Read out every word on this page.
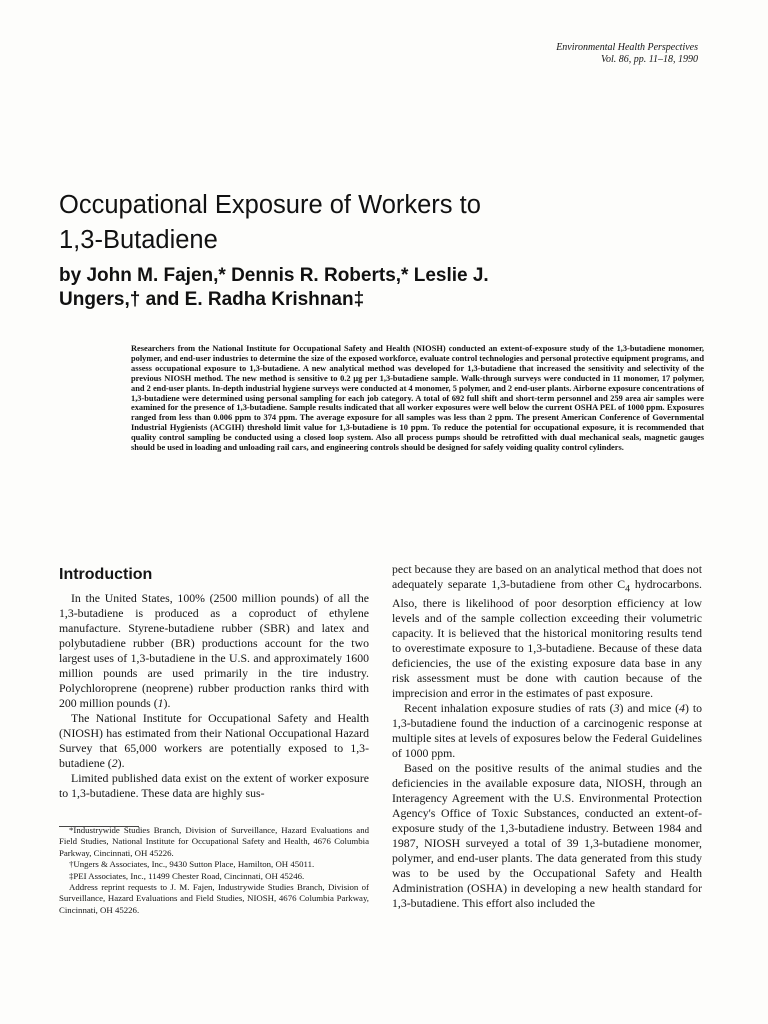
Environmental Health Perspectives
Vol. 86, pp. 11–18, 1990
Occupational Exposure of Workers to
1,3-Butadiene
by John M. Fajen,* Dennis R. Roberts,* Leslie J.
Ungers,† and E. Radha Krishnan‡

Researchers from the National Institute for Occupational Safety and Health (NIOSH) conducted an extent-of-exposure study of the 1,3-butadiene monomer, polymer, and end-user industries to determine the size of the exposed workforce, evaluate control technologies and personal protective equipment programs, and assess occupational exposure to 1,3-butadiene. A new analytical method was developed for 1,3-butadiene that increased the sensitivity and selectivity of the previous NIOSH method. The new method is sensitive to 0.2 µg per 1,3-butadiene sample. Walk-through surveys were conducted in 11 monomer, 17 polymer, and 2 end-user plants. In-depth industrial hygiene surveys were conducted at 4 monomer, 5 polymer, and 2 end-user plants. Airborne exposure concentrations of 1,3-butadiene were determined using personal sampling for each job category. A total of 692 full shift and short-term personnel and 259 area air samples were examined for the presence of 1,3-butadiene. Sample results indicated that all worker exposures were well below the current OSHA PEL of 1000 ppm. Exposures ranged from less than 0.006 ppm to 374 ppm. The average exposure for all samples was less than 2 ppm. The present American Conference of Governmental Industrial Hygienists (ACGIH) threshold limit value for 1,3-butadiene is 10 ppm. To reduce the potential for occupational exposure, it is recommended that quality control sampling be conducted using a closed loop system. Also all process pumps should be retrofitted with dual mechanical seals, magnetic gauges should be used in loading and unloading rail cars, and engineering controls should be designed for safely voiding quality control cylinders.

Introduction

In the United States, 100% (2500 million pounds) of all the 1,3-butadiene is produced as a coproduct of ethylene manufacture. Styrene-butadiene rubber (SBR) and latex and polybutadiene rubber (BR) productions account for the two largest uses of 1,3-butadiene in the U.S. and approximately 1600 million pounds are used primarily in the tire industry. Polychloroprene (neoprene) rubber production ranks third with 200 million pounds (1).

The National Institute for Occupational Safety and Health (NIOSH) has estimated from their National Occupational Hazard Survey that 65,000 workers are potentially exposed to 1,3-butadiene (2).

Limited published data exist on the extent of worker exposure to 1,3-butadiene. These data are highly sus-

*Industrywide Studies Branch, Division of Surveillance, Hazard Evaluations and Field Studies, National Institute for Occupational Safety and Health, 4676 Columbia Parkway, Cincinnati, OH 45226.

†Ungers & Associates, Inc., 9430 Sutton Place, Hamilton, OH 45011.

‡PEI Associates, Inc., 11499 Chester Road, Cincinnati, OH 45246.

Address reprint requests to J. M. Fajen, Industrywide Studies Branch, Division of Surveillance, Hazard Evaluations and Field Studies, NIOSH, 4676 Columbia Parkway, Cincinnati, OH 45226.

pect because they are based on an analytical method that does not adequately separate 1,3-butadiene from other $C_4$ hydrocarbons. Also, there is likelihood of poor desorption efficiency at low levels and of the sample collection exceeding their volumetric capacity. It is believed that the historical monitoring results tend to overestimate exposure to 1,3-butadiene. Because of these data deficiencies, the use of the existing exposure data base in any risk assessment must be done with caution because of the imprecision and error in the estimates of past exposure.

Recent inhalation exposure studies of rats (3) and mice (4) to 1,3-butadiene found the induction of a carcinogenic response at multiple sites at levels of exposures below the Federal Guidelines of 1000 ppm.

Based on the positive results of the animal studies and the deficiencies in the available exposure data, NIOSH, through an Interagency Agreement with the U.S. Environmental Protection Agency's Office of Toxic Substances, conducted an extent-of-exposure study of the 1,3-butadiene industry. Between 1984 and 1987, NIOSH surveyed a total of 39 1,3-butadiene monomer, polymer, and end-user plants. The data generated from this study was to be used by the Occupational Safety and Health Administration (OSHA) in developing a new health standard for 1,3-butadiene. This effort also included the
